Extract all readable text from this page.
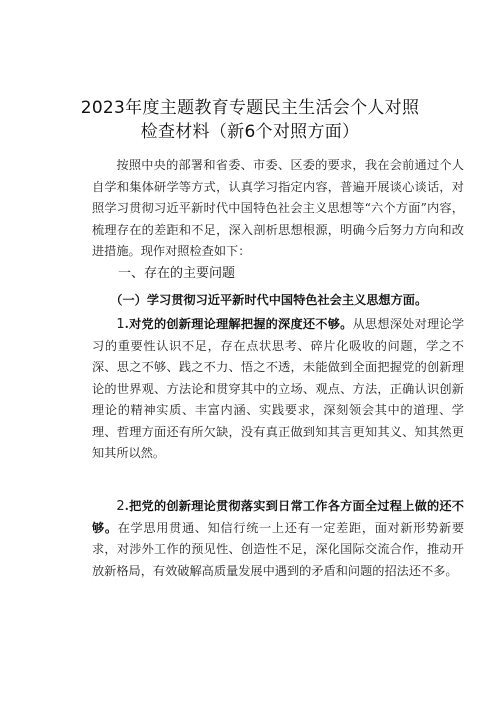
2023年度主题教育专题民主生活会个人对照
检查材料（新6个对照方面）

按照中央的部署和省委、市委、区委的要求，我在会前通过个人自学和集体研学等方式，认真学习指定内容，普遍开展谈心谈话，对照学习贯彻习近平新时代中国特色社会主义思想等“六个方面”内容，梳理存在的差距和不足，深入剖析思想根源，明确今后努力方向和改进措施。现作对照检查如下：

一、存在的主要问题

（一）学习贯彻习近平新时代中国特色社会主义思想方面。

1.对党的创新理论理解把握的深度还不够。从思想深处对理论学习的重要性认识不足，存在点状思考、碎片化吸收的问题，学之不深、思之不够、践之不力、悟之不透，未能做到全面把握党的创新理论的世界观、方法论和贯穿其中的立场、观点、方法，正确认识创新理论的精神实质、丰富内涵、实践要求，深刻领会其中的道理、学理、哲理方面还有所欠缺，没有真正做到知其言更知其义、知其然更知其所以然。

2.把党的创新理论贯彻落实到日常工作各方面全过程上做的还不够。在学思用贯通、知信行统一上还有一定差距，面对新形势新要求，对涉外工作的预见性、创造性不足，深化国际交流合作，推动开放新格局，有效破解高质量发展中遇到的矛盾和问题的招法还不多。
